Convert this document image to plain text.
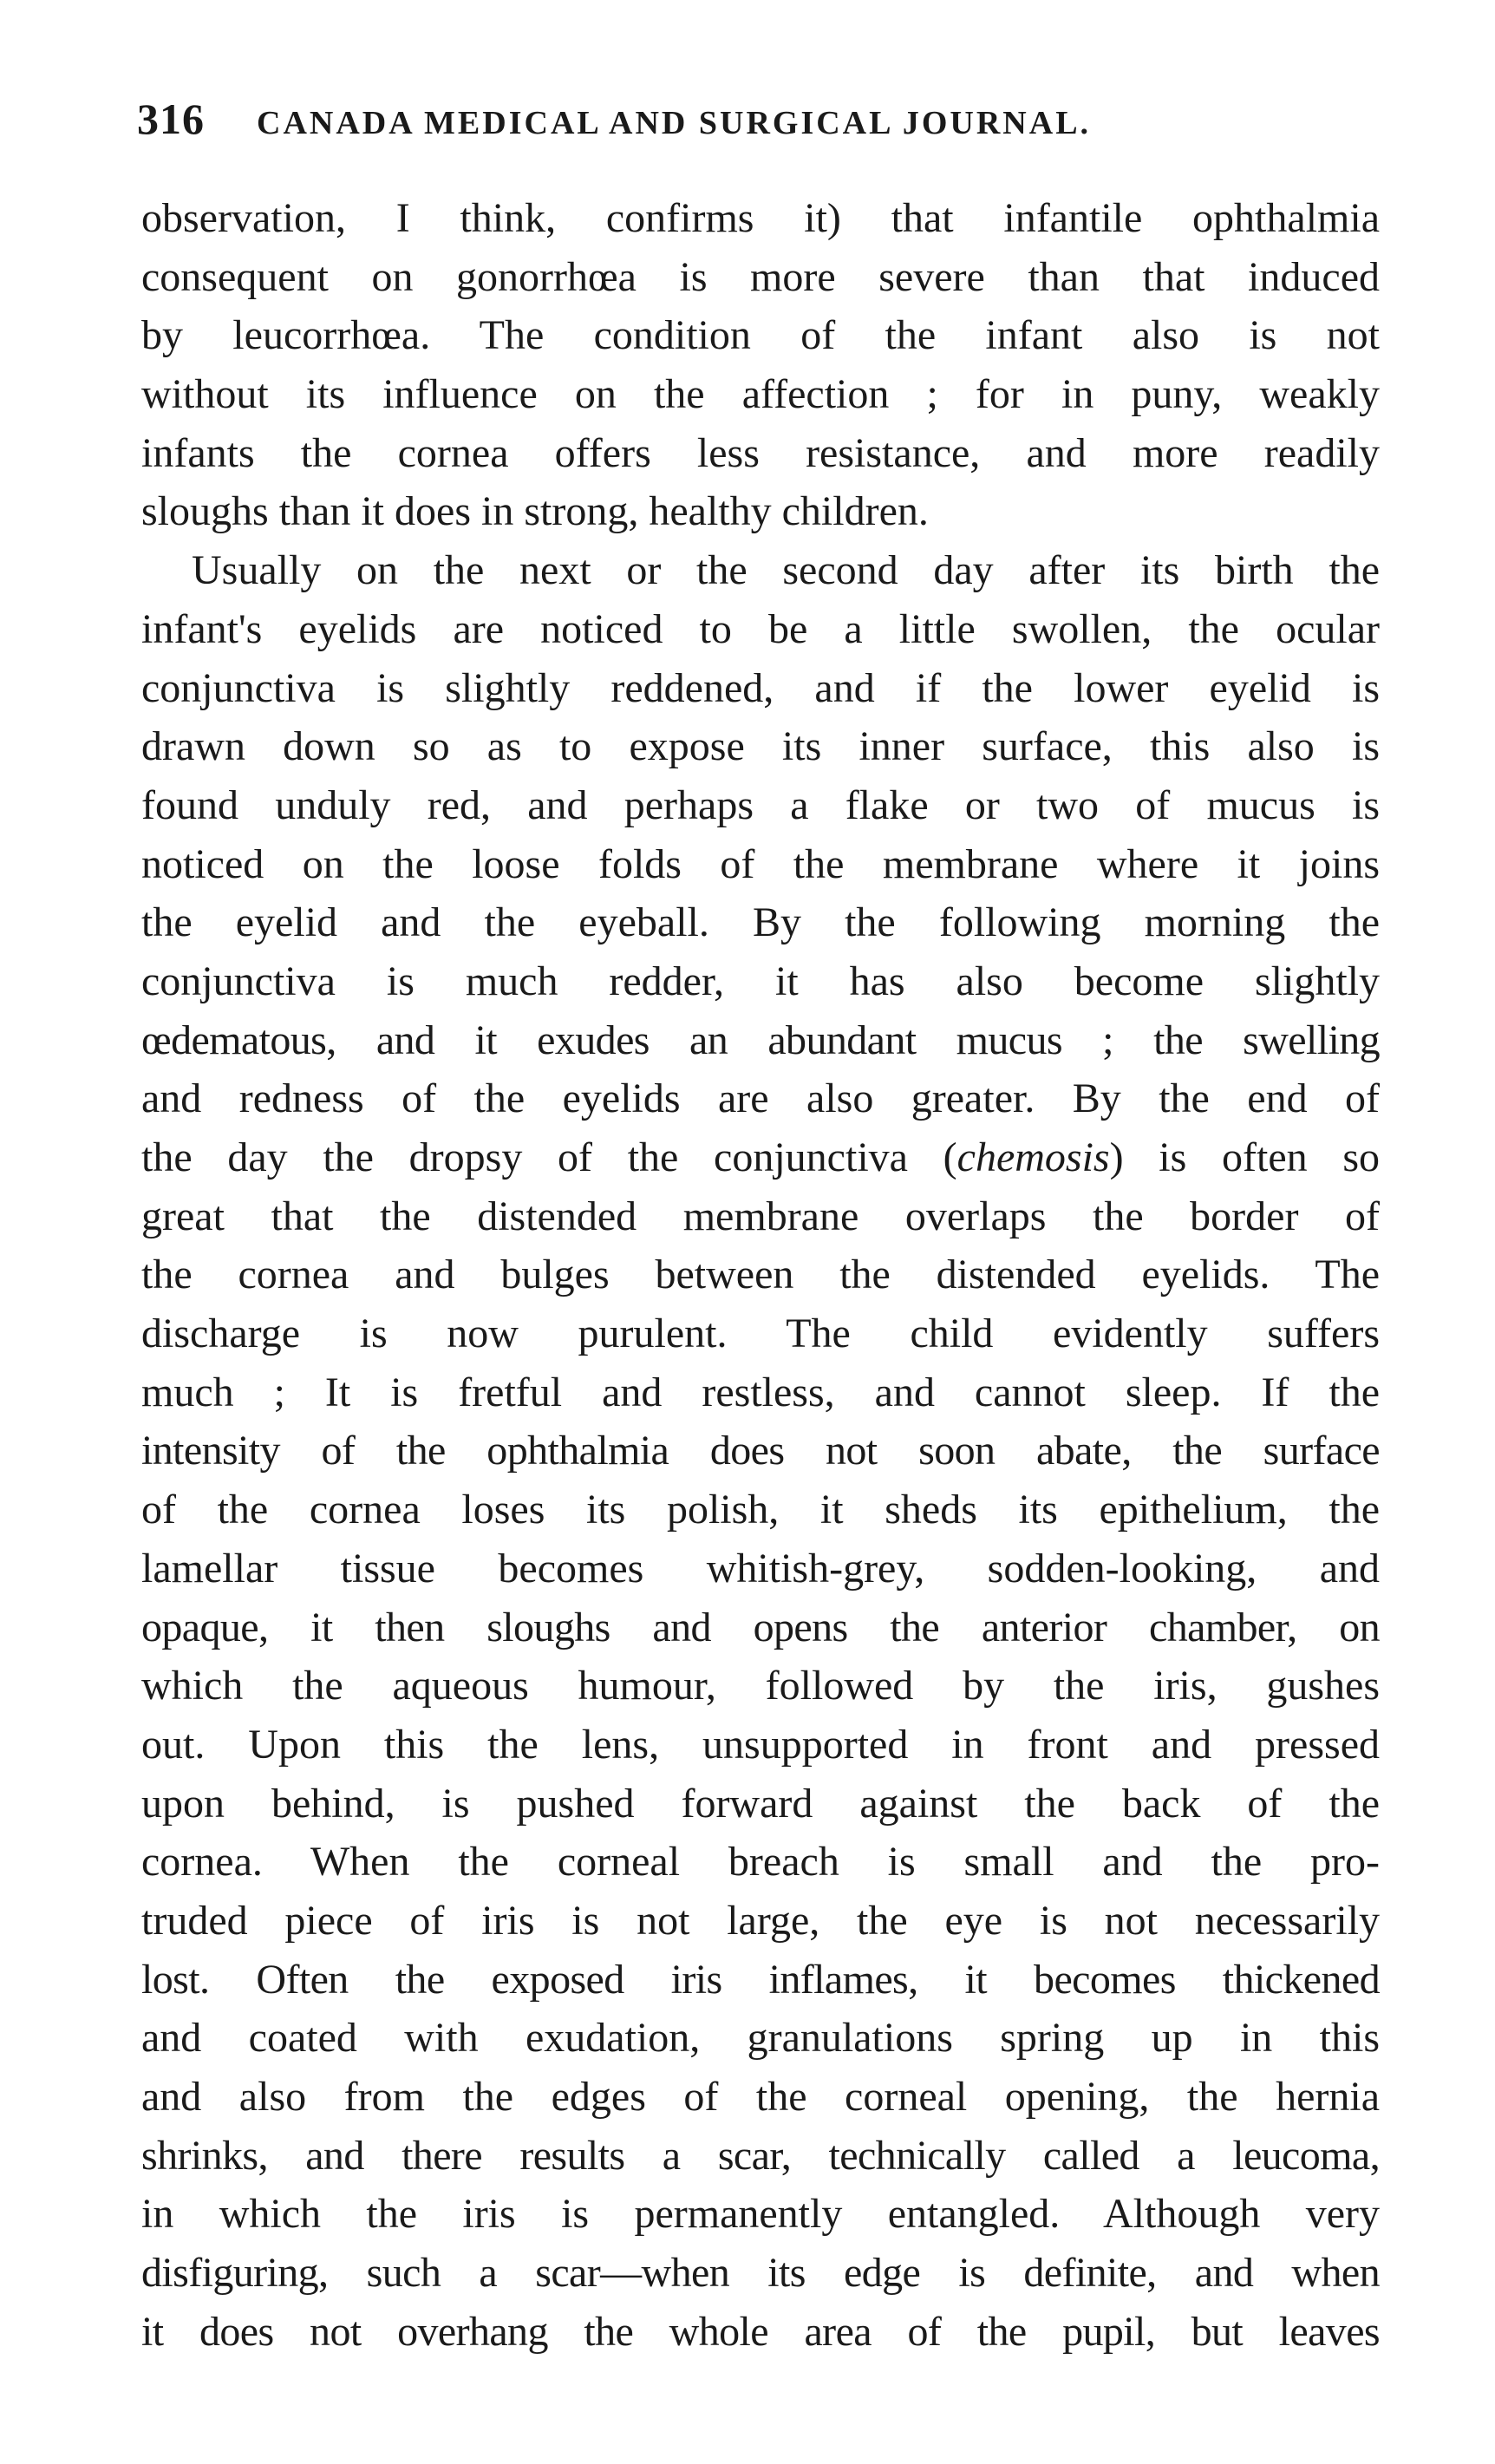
316 CANADA MEDICAL AND SURGICAL JOURNAL.
observation, I think, confirms it) that infantile ophthalmia
consequent on gonorrhœa is more severe than that induced
by leucorrhœa. The condition of the infant also is not
without its influence on the affection ; for in puny, weakly
infants the cornea offers less resistance, and more readily
sloughs than it does in strong, healthy children.
Usually on the next or the second day after its birth the
infant's eyelids are noticed to be a little swollen, the ocular
conjunctiva is slightly reddened, and if the lower eyelid is
drawn down so as to expose its inner surface, this also is
found unduly red, and perhaps a flake or two of mucus is
noticed on the loose folds of the membrane where it joins
the eyelid and the eyeball. By the following morning the
conjunctiva is much redder, it has also become slightly
œdematous, and it exudes an abundant mucus ; the swelling
and redness of the eyelids are also greater. By the end of
the day the dropsy of the conjunctiva (chemosis) is often so
great that the distended membrane overlaps the border of
the cornea and bulges between the distended eyelids. The
discharge is now purulent. The child evidently suffers
much ; It is fretful and restless, and cannot sleep. If the
intensity of the ophthalmia does not soon abate, the surface
of the cornea loses its polish, it sheds its epithelium, the
lamellar tissue becomes whitish-grey, sodden-looking, and
opaque, it then sloughs and opens the anterior chamber, on
which the aqueous humour, followed by the iris, gushes
out. Upon this the lens, unsupported in front and pressed
upon behind, is pushed forward against the back of the
cornea. When the corneal breach is small and the pro-
truded piece of iris is not large, the eye is not necessarily
lost. Often the exposed iris inflames, it becomes thickened
and coated with exudation, granulations spring up in this
and also from the edges of the corneal opening, the hernia
shrinks, and there results a scar, technically called a leucoma,
in which the iris is permanently entangled. Although very
disfiguring, such a scar—when its edge is definite, and when
it does not overhang the whole area of the pupil, but leaves
